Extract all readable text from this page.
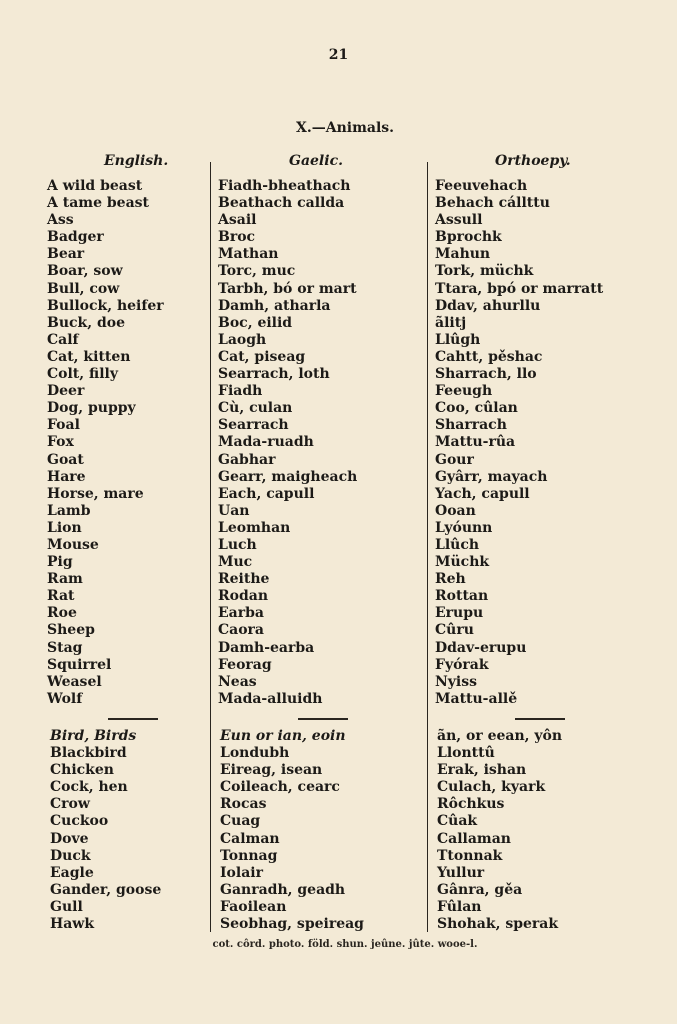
21
X.—Animals.
English.	Gaelic.	Orthoepy.
A wild beast
A tame beast
Ass
Badger
Bear
Boar, sow
Bull, cow
Bullock, heifer
Buck, doe
Calf
Cat, kitten
Colt, filly
Deer
Dog, puppy
Foal
Fox
Goat
Hare
Horse, mare
Lamb
Lion
Mouse
Pig
Ram
Rat
Roe
Sheep
Stag
Squirrel
Weasel
Wolf
Fiadh-bheathach
Beathach callda
Asail
Broc
Mathan
Torc, muc
Tarbh, bó or mart
Damh, atharla
Boc, eilid
Laogh
Cat, piseag
Searrach, loth
Fiadh
Cù, culan
Searrach
Mada-ruadh
Gabhar
Gearr, maigheach
Each, capull
Uan
Leomhan
Luch
Muc
Reithe
Rodan
Earba
Caora
Damh-earba
Feorag
Neas
Mada-alluidh
Feeuvehach
Behach cállttu
Assull
Bprochk
Mahun
Tork, müchk
Ttara, bpó or marratt
Ddav, ahurllu
ãlitj
Llûgh
Cahtt, pěshac
Sharrach, llo
Feeugh
Coo, cûlan
Sharrach
Mattu-rûa
Gour
Gyârr, mayach
Yach, capull
Ooan
Lyóunn
Llûch
Müchk
Reh
Rottan
Erupu
Cûru
Ddav-erupu
Fyórak
Nyiss
Mattu-allě
Bird, Birds
Blackbird
Chicken
Cock, hen
Crow
Cuckoo
Dove
Duck
Eagle
Gander, goose
Gull
Hawk
Eun or ian, eoin
Londubh
Eireag, isean
Coileach, cearc
Rocas
Cuag
Calman
Tonnag
Iolair
Ganradh, geadh
Faoilean
Seobhag, speireag
ãn, or eean, yôn
Llonttû
Erak, ishan
Culach, kyark
Rôchkus
Cûak
Callaman
Ttonnak
Yullur
Gânra, gěa
Fûlan
Shohak, sperak
cot. côrd. photo. föld. shun. jeûne. jûte. wooe-l.
